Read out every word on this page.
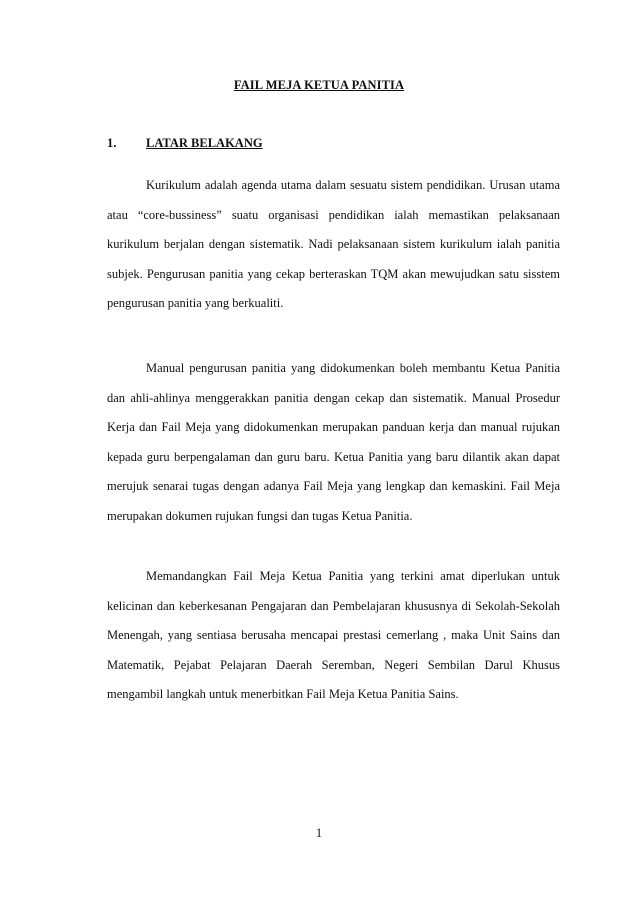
FAIL MEJA KETUA PANITIA
1. LATAR BELAKANG

Kurikulum adalah agenda utama dalam sesuatu sistem pendidikan. Urusan utama atau “core-bussiness” suatu organisasi pendidikan ialah memastikan pelaksanaan kurikulum berjalan dengan sistematik. Nadi pelaksanaan sistem kurikulum ialah panitia subjek. Pengurusan panitia yang cekap berteraskan TQM akan mewujudkan satu sisstem pengurusan panitia yang berkualiti.

Manual pengurusan panitia yang didokumenkan boleh membantu Ketua Panitia dan ahli-ahlinya menggerakkan panitia dengan cekap dan sistematik. Manual Prosedur Kerja dan Fail Meja yang didokumenkan merupakan panduan kerja dan manual rujukan kepada guru berpengalaman dan guru baru. Ketua Panitia yang baru dilantik akan dapat merujuk senarai tugas dengan adanya Fail Meja yang lengkap dan kemaskini. Fail Meja merupakan dokumen rujukan fungsi dan tugas Ketua Panitia.

Memandangkan Fail Meja Ketua Panitia yang terkini amat diperlukan untuk kelicinan dan keberkesanan Pengajaran dan Pembelajaran khususnya di Sekolah-Sekolah Menengah, yang sentiasa berusaha mencapai prestasi cemerlang , maka Unit Sains dan Matematik, Pejabat Pelajaran Daerah Seremban, Negeri Sembilan Darul Khusus mengambil langkah untuk menerbitkan Fail Meja Ketua Panitia Sains.

1
